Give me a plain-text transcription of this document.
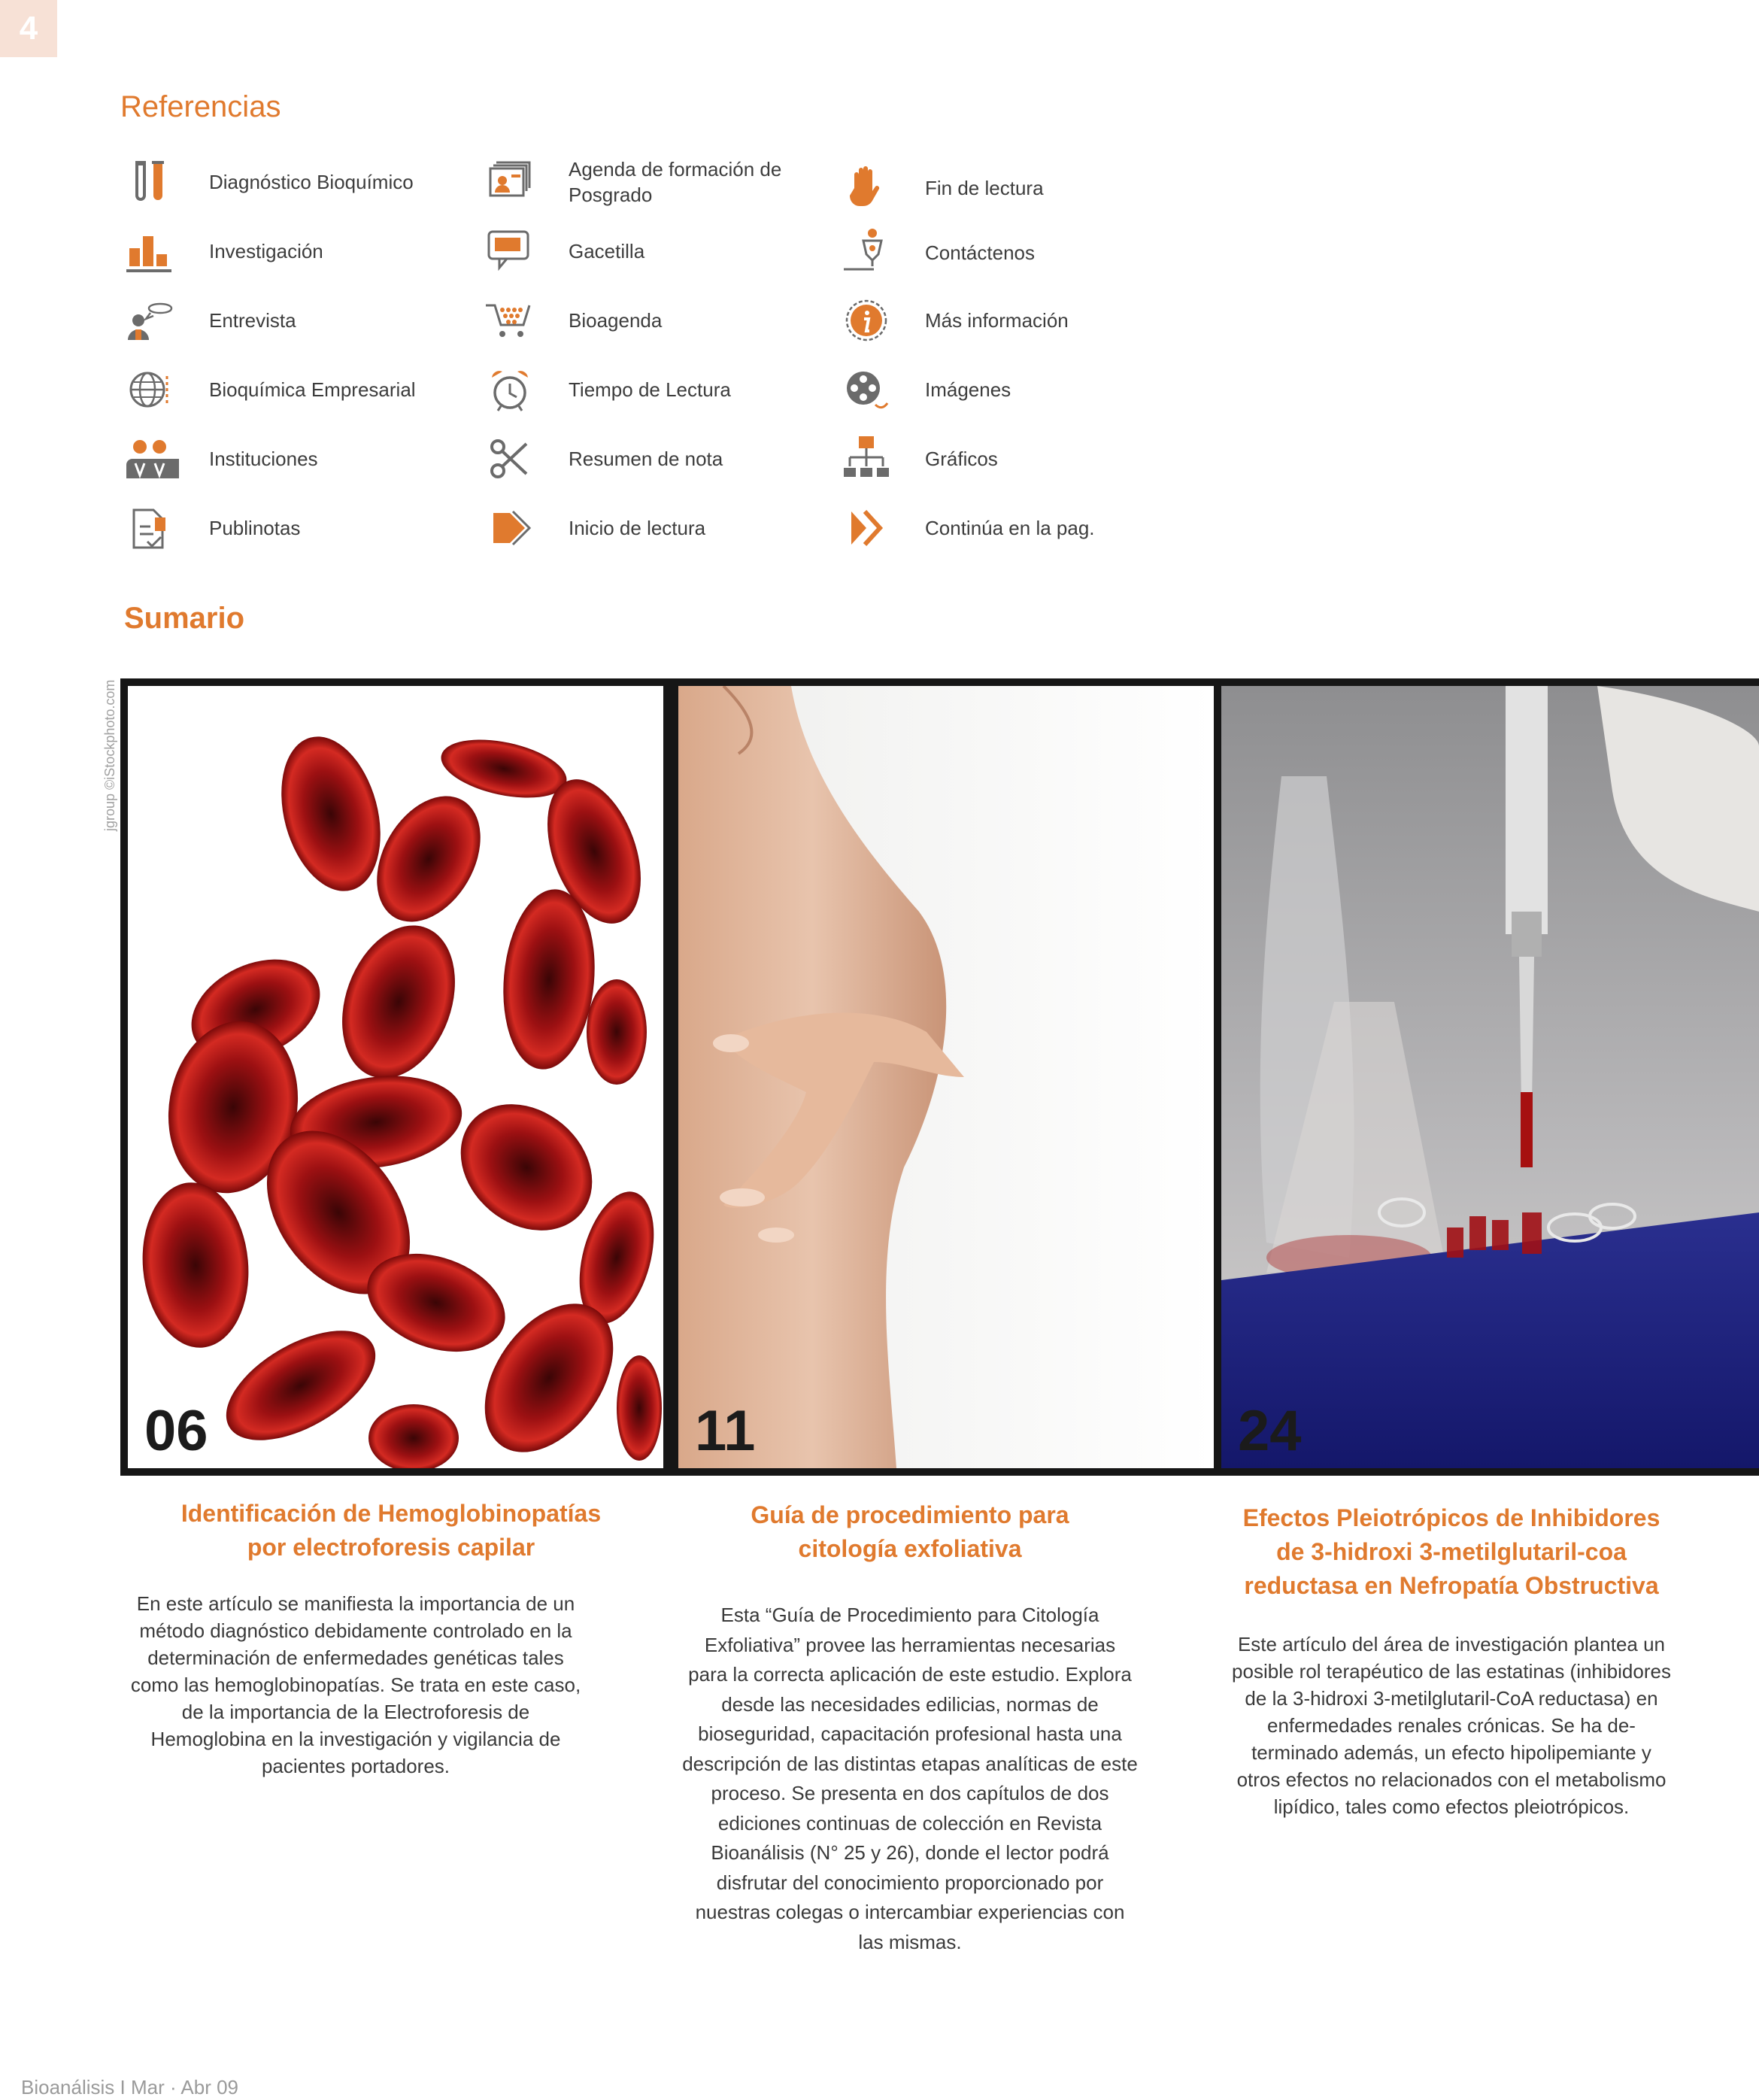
4
Referencias
Diagnóstico Bioquímico
Investigación
Entrevista
Bioquímica Empresarial
Instituciones
Publinotas
Agenda de formación de Posgrado
Gacetilla
Bioagenda
Tiempo de Lectura
Resumen de nota
Inicio de lectura
Fin de lectura
Contáctenos
Más información
Imágenes
Gráficos
Continúa en la pag.
Sumario
jgroup ©iStockphoto.com
06	11	24
Identificación de Hemoglobinopatías
por electroforesis capilar
En este artículo se manifiesta la importancia de un
método diagnóstico debidamente controlado en la
determinación de enfermedades genéticas tales
como las hemoglobinopatías. Se trata en este caso,
de la importancia de la Electroforesis de
Hemoglobina en la investigación y vigilancia de
pacientes portadores.
Guía de procedimiento para
citología exfoliativa
Esta “Guía de Procedimiento para Citología
Exfoliativa” provee las herramientas necesarias
para la correcta aplicación de este estudio. Explora
desde las necesidades edilicias, normas de
bioseguridad, capacitación profesional hasta una
descripción de las distintas etapas analíticas de este
proceso. Se presenta en dos capítulos de dos
ediciones continuas de colección en Revista
Bioanálisis (N° 25 y 26), donde el lector podrá
disfrutar del conocimiento proporcionado por
nuestras colegas o intercambiar experiencias con
las mismas.
Efectos Pleiotrópicos de Inhibidores
de 3-hidroxi 3-metilglutaril-coa
reductasa en Nefropatía Obstructiva
Este artículo del área de investigación plantea un
posible rol terapéutico de las estatinas (inhibidores
de la 3-hidroxi 3-metilglutaril-CoA reductasa) en
enfermedades renales crónicas. Se ha de-
terminado además, un efecto hipolipemiante y
otros efectos no relacionados con el metabolismo
lipídico, tales como efectos pleiotrópicos.
Bioanálisis I Mar · Abr 09
